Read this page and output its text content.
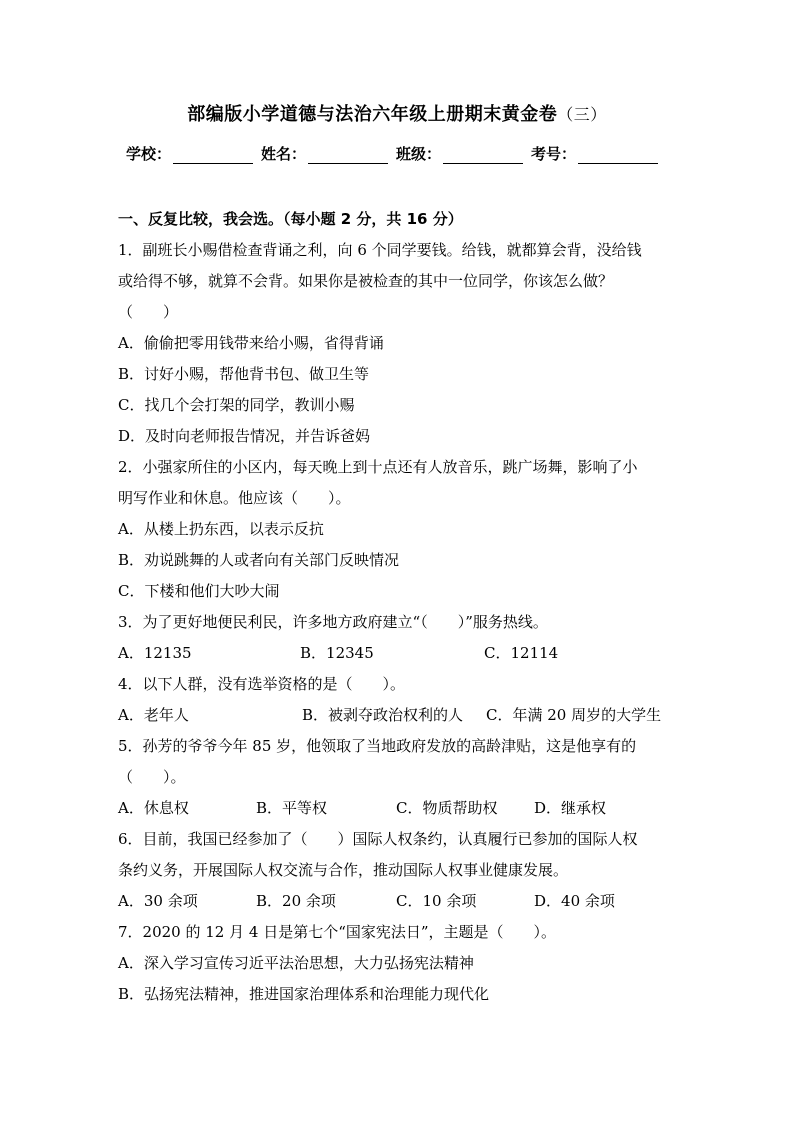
部编版小学道德与法治六年级上册期末黄金卷（三）
学校：	姓名：	班级：	考号：
一、反复比较，我会选。（每小题 2 分，共 16 分）
1．副班长小赐借检查背诵之利，向 6 个同学要钱。给钱，就都算会背，没给钱
或给得不够，就算不会背。如果你是被检查的其中一位同学，你该怎么做？
（　　）
A．偷偷把零用钱带来给小赐，省得背诵
B．讨好小赐，帮他背书包、做卫生等
C．找几个会打架的同学，教训小赐
D．及时向老师报告情况，并告诉爸妈
2．小强家所住的小区内，每天晚上到十点还有人放音乐，跳广场舞，影响了小
明写作业和休息。他应该（　　）。
A．从楼上扔东西，以表示反抗
B．劝说跳舞的人或者向有关部门反映情况
C．下楼和他们大吵大闹
3．为了更好地便民利民，许多地方政府建立“（　　）”服务热线。
A．12135	B．12345	C．12114
4．以下人群，没有选举资格的是（　　）。
A．老年人	B．被剥夺政治权利的人	C．年满 20 周岁的大学生
5．孙芳的爷爷今年 85 岁，他领取了当地政府发放的高龄津贴，这是他享有的
（　　）。
A．休息权	B．平等权	C．物质帮助权	D．继承权
6．目前，我国已经参加了（　　）国际人权条约，认真履行已参加的国际人权
条约义务，开展国际人权交流与合作，推动国际人权事业健康发展。
A．30 余项	B．20 余项	C．10 余项	D．40 余项
7．2020 的 12 月 4 日是第七个“国家宪法日”，主题是（　　）。
A．深入学习宣传习近平法治思想，大力弘扬宪法精神
B．弘扬宪法精神，推进国家治理体系和治理能力现代化
